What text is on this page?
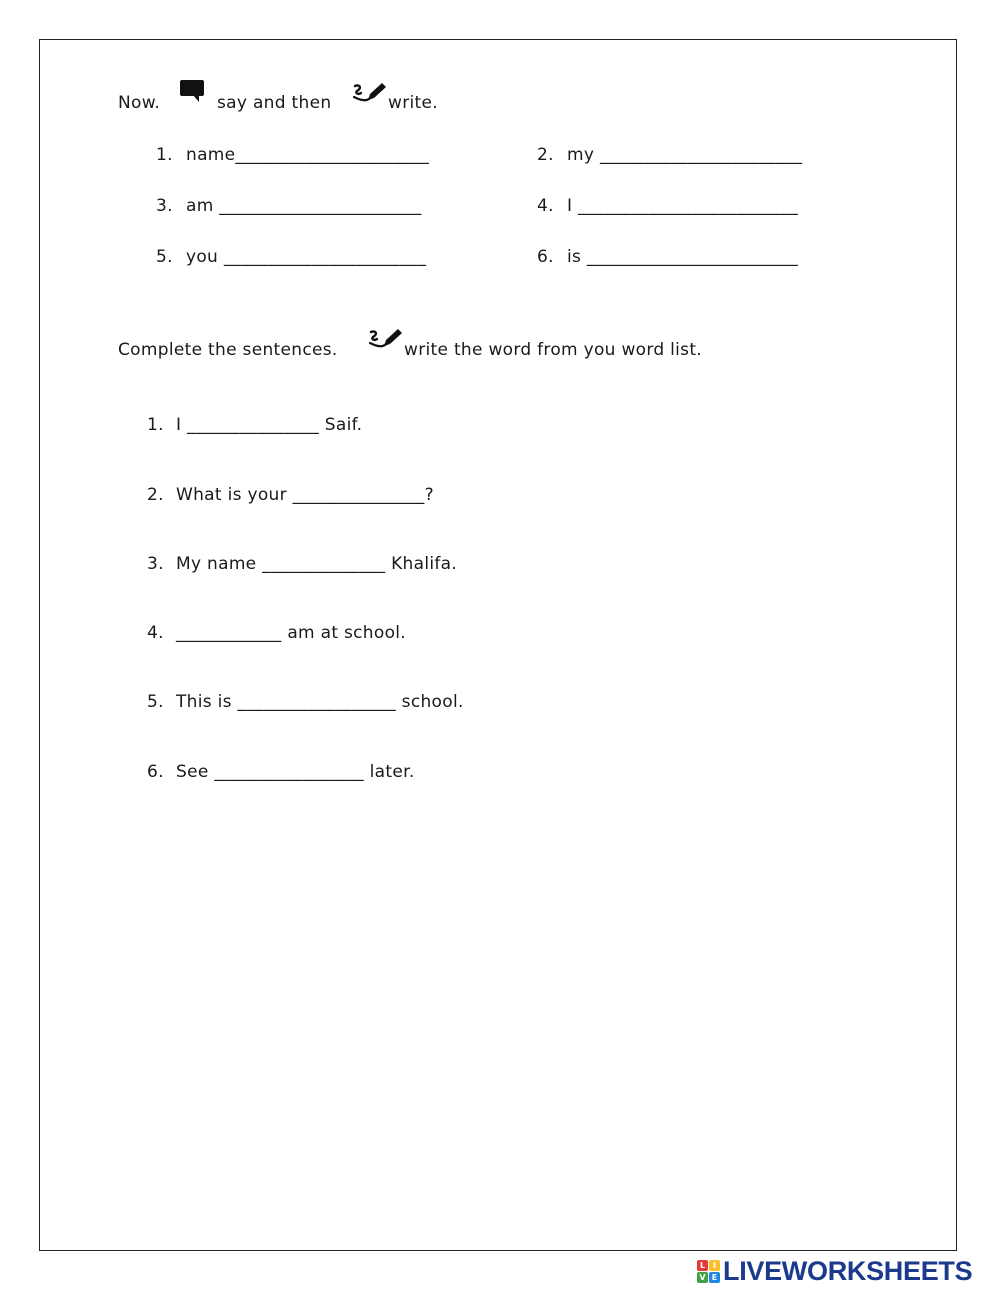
Now.	say and then	write.
1. name______________________	2. my _______________________
3. am _______________________	4. I _________________________
5. you _______________________	6. is ________________________
Complete the sentences.	write the word from you word list.
1. I _______________ Saif.
2. What is your _______________?
3. My name ______________ Khalifa.
4. ____________ am at school.
5. This is __________________ school.
6. See _________________ later.
L I
V E LIVEWORKSHEETS
